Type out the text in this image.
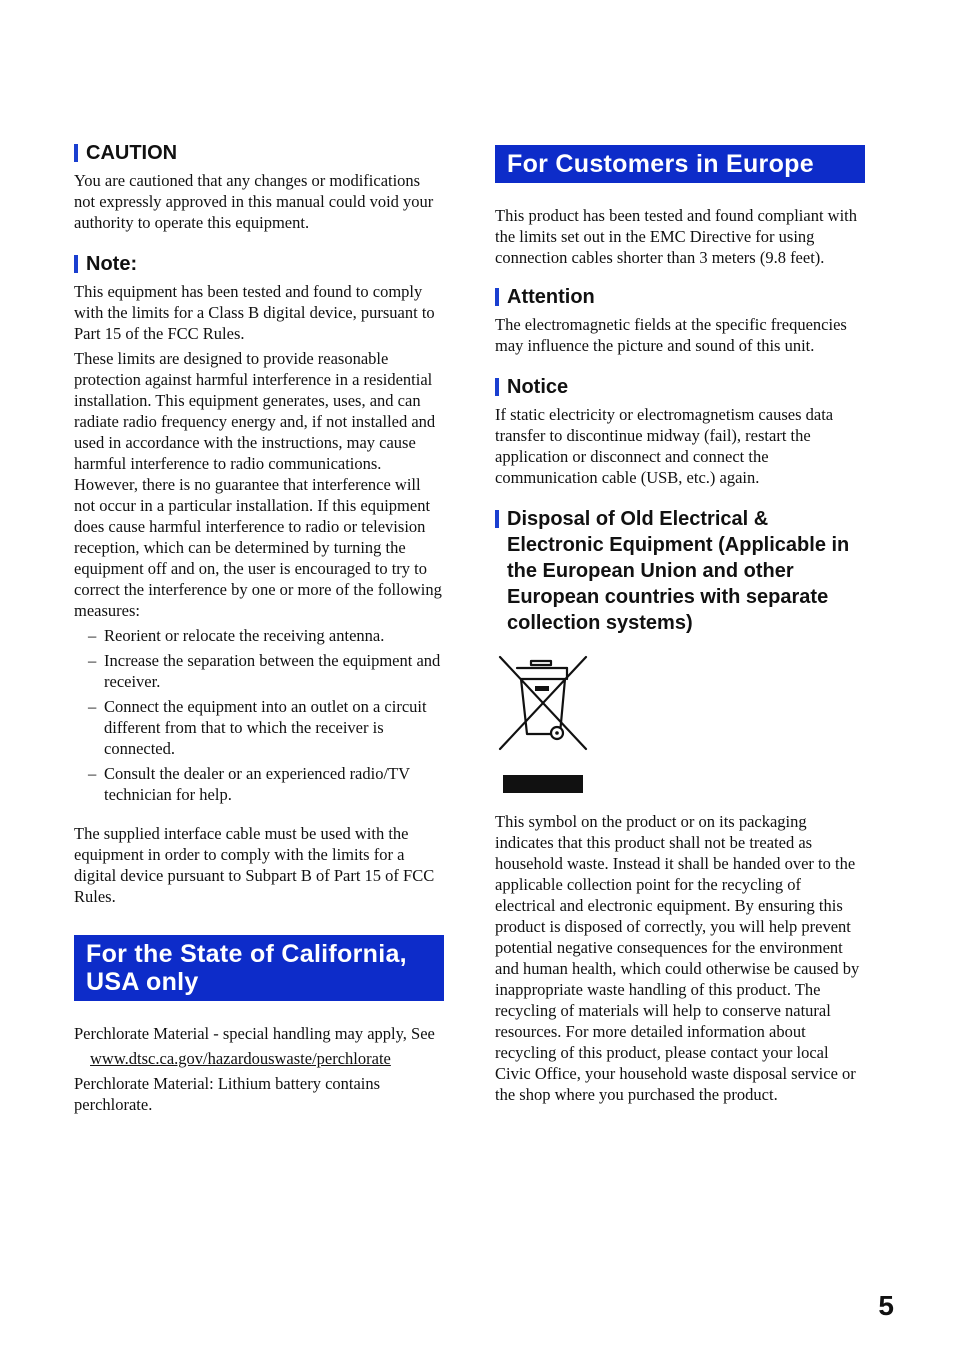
CAUTION

You are cautioned that any changes or modifications not expressly approved in this manual could void your authority to operate this equipment.

Note:

This equipment has been tested and found to comply with the limits for a Class B digital device, pursuant to Part 15 of the FCC Rules.

These limits are designed to provide reasonable protection against harmful interference in a residential installation. This equipment generates, uses, and can radiate radio frequency energy and, if not installed and used in accordance with the instructions, may cause harmful interference to radio communications. However, there is no guarantee that interference will not occur in a particular installation. If this equipment does cause harmful interference to radio or television reception, which can be determined by turning the equipment off and on, the user is encouraged to try to correct the interference by one or more of the following measures:

– Reorient or relocate the receiving antenna.
– Increase the separation between the equipment and receiver.
– Connect the equipment into an outlet on a circuit different from that to which the receiver is connected.
– Consult the dealer or an experienced radio/TV technician for help.

The supplied interface cable must be used with the equipment in order to comply with the limits for a digital device pursuant to Subpart B of Part 15 of FCC Rules.

For the State of California, USA only

Perchlorate Material - special handling may apply, See

www.dtsc.ca.gov/hazardouswaste/perchlorate

Perchlorate Material: Lithium battery contains perchlorate.

For Customers in Europe

This product has been tested and found compliant with the limits set out in the EMC Directive for using connection cables shorter than 3 meters (9.8 feet).

Attention

The electromagnetic fields at the specific frequencies may influence the picture and sound of this unit.

Notice

If static electricity or electromagnetism causes data transfer to discontinue midway (fail), restart the application or disconnect and connect the communication cable (USB, etc.) again.

Disposal of Old Electrical & Electronic Equipment (Applicable in the European Union and other European countries with separate collection systems)

This symbol on the product or on its packaging indicates that this product shall not be treated as household waste. Instead it shall be handed over to the applicable collection point for the recycling of electrical and electronic equipment. By ensuring this product is disposed of correctly, you will help prevent potential negative consequences for the environment and human health, which could otherwise be caused by inappropriate waste handling of this product. The recycling of materials will help to conserve natural resources. For more detailed information about recycling of this product, please contact your local Civic Office, your household waste disposal service or the shop where you purchased the product.

5
